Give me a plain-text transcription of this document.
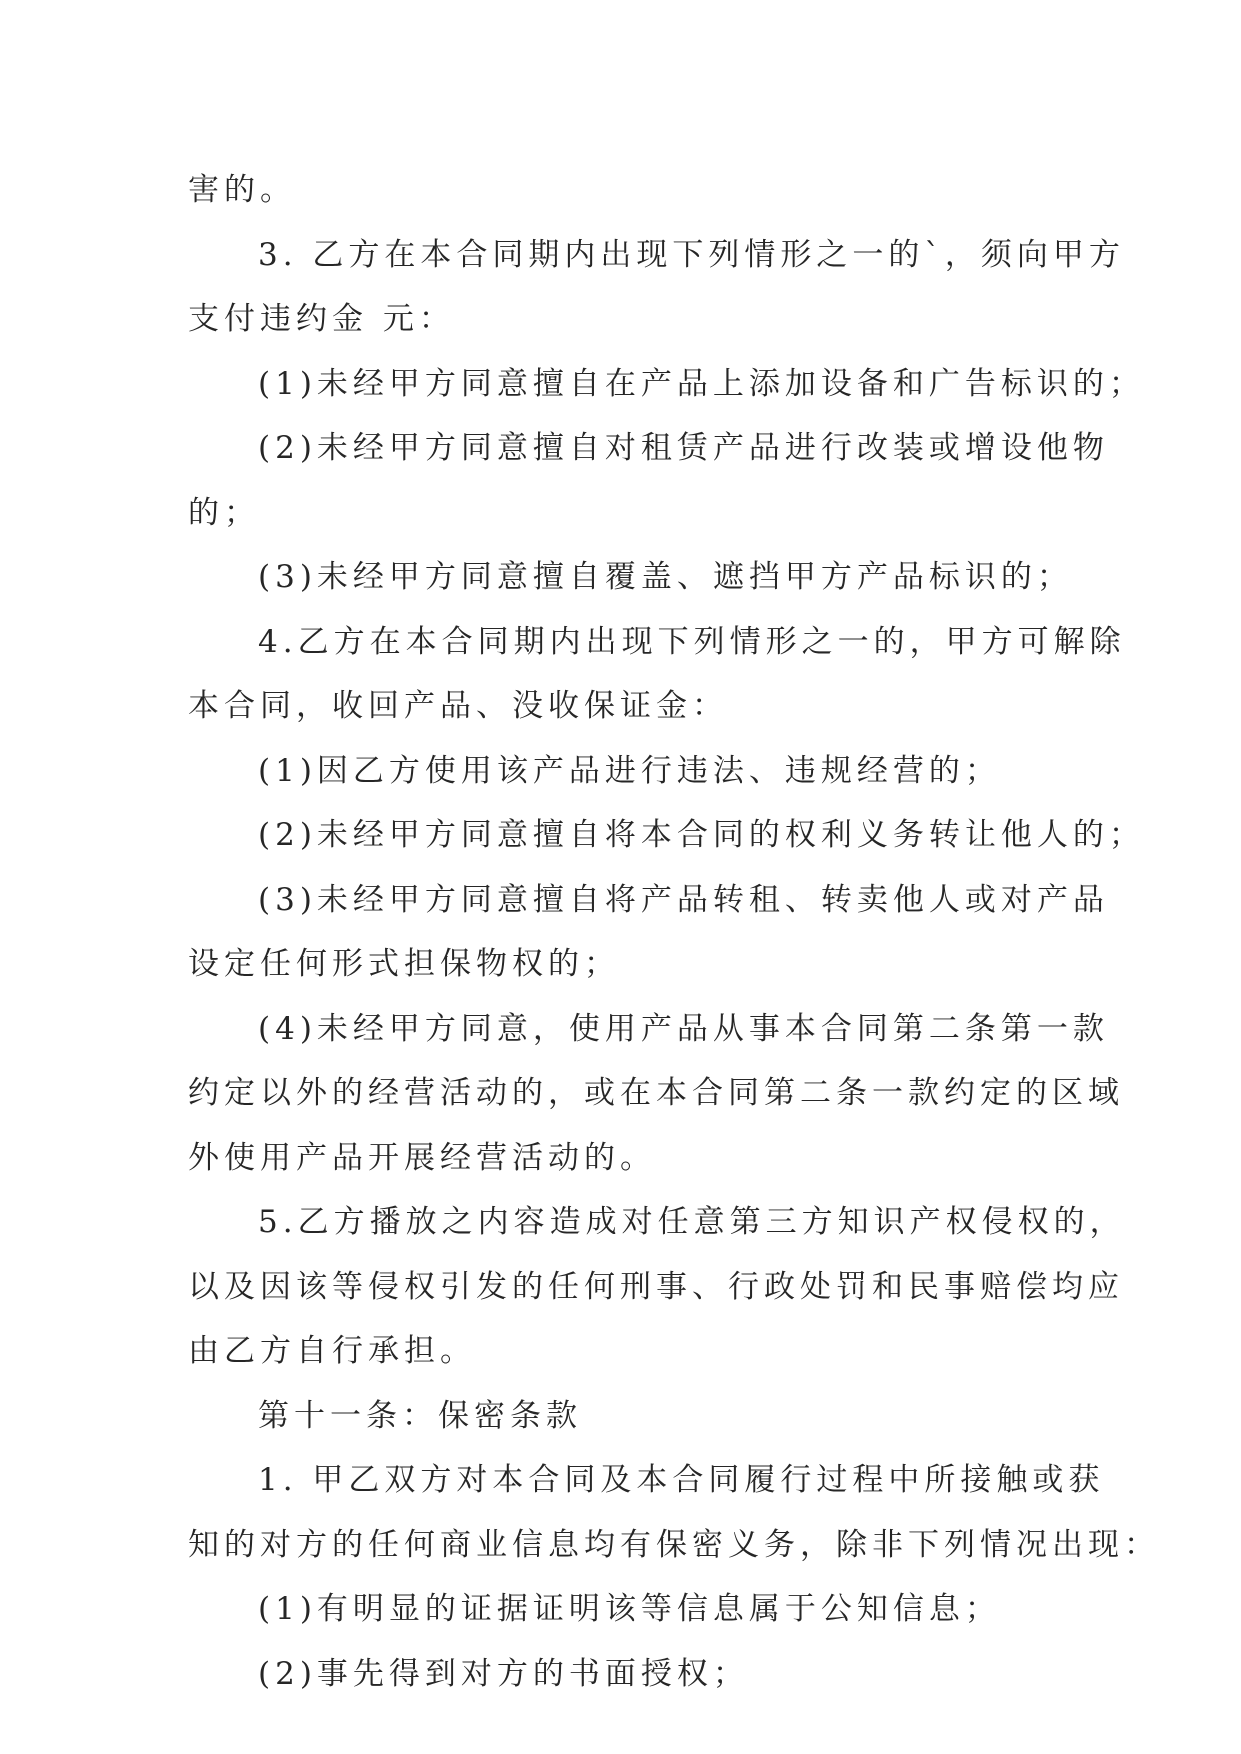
害的。

3. 乙方在本合同期内出现下列情形之一的`，须向甲方

支付违约金 元：

(1)未经甲方同意擅自在产品上添加设备和广告标识的；

(2)未经甲方同意擅自对租赁产品进行改装或增设他物

的；

(3)未经甲方同意擅自覆盖、遮挡甲方产品标识的；

4.乙方在本合同期内出现下列情形之一的，甲方可解除

本合同，收回产品、没收保证金：

(1)因乙方使用该产品进行违法、违规经营的；

(2)未经甲方同意擅自将本合同的权利义务转让他人的；

(3)未经甲方同意擅自将产品转租、转卖他人或对产品

设定任何形式担保物权的；

(4)未经甲方同意，使用产品从事本合同第二条第一款

约定以外的经营活动的，或在本合同第二条一款约定的区域

外使用产品开展经营活动的。

5.乙方播放之内容造成对任意第三方知识产权侵权的，

以及因该等侵权引发的任何刑事、行政处罚和民事赔偿均应

由乙方自行承担。

第十一条：保密条款

1. 甲乙双方对本合同及本合同履行过程中所接触或获

知的对方的任何商业信息均有保密义务，除非下列情况出现：

(1)有明显的证据证明该等信息属于公知信息；

(2)事先得到对方的书面授权；
